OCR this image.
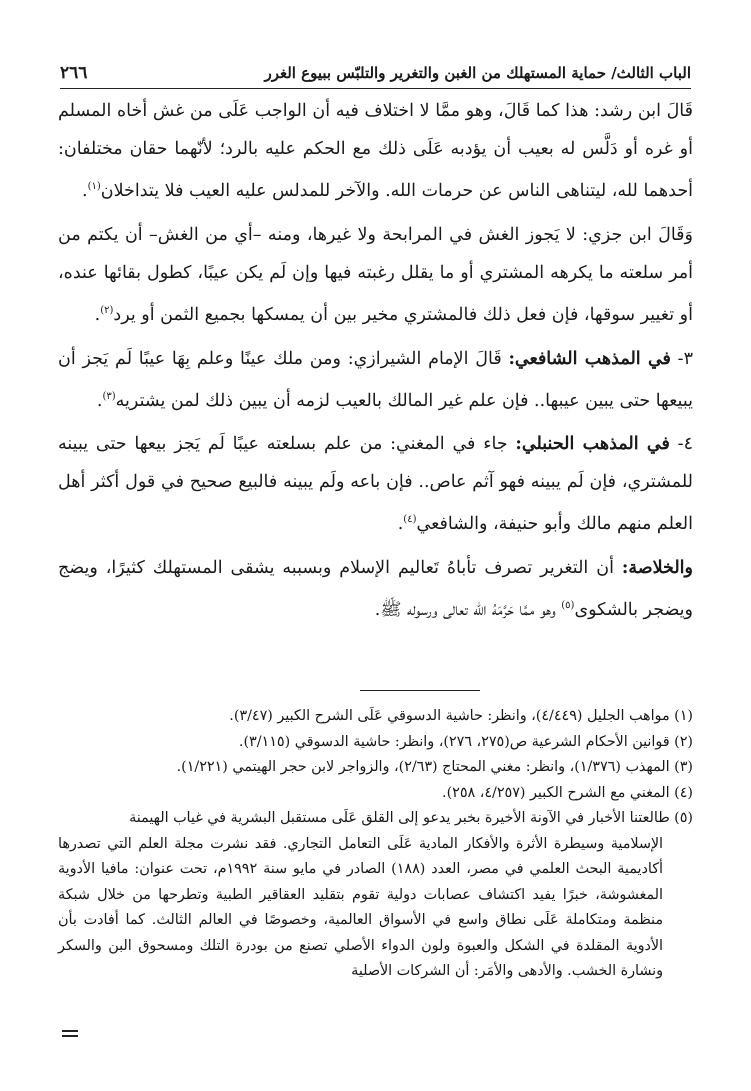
الباب الثالث/ حماية المستهلك من الغبن والتغرير والتلبّس ببيوع الغرر
٢٦٦

قَالَ ابن رشد: هذا كما قَالَ، وهو ممَّا لا اختلاف فيه أن الواجب عَلَى من غش أخاه المسلم أو غره أو دَلَّس له بعيب أن يؤدبه عَلَى ذلك مع الحكم عليه بالرد؛ لأنّهما حقان مختلفان: أحدهما لله، ليتناهى الناس عن حرمات الله. والآخر للمدلس عليه العيب فلا يتداخلان$^{(١)}$.

وَقَالَ ابن جزي: لا يَجوز الغش في المرابحة ولا غيرها، ومنه –أي من الغش– أن يكتم من أمر سلعته ما يكرهه المشتري أو ما يقلل رغبته فيها وإن لَم يكن عيبًا، كطول بقائها عنده، أو تغيير سوقها، فإن فعل ذلك فالمشتري مخير بين أن يمسكها بجميع الثمن أو يرد$^{(٢)}$.

٣- في المذهب الشافعي: قَالَ الإمام الشيرازي: ومن ملك عينًا وعلم بِهَا عيبًا لَم يَجز أن يبيعها حتى يبين عيبها.. فإن علم غير المالك بالعيب لزمه أن يبين ذلك لمن يشتريه$^{(٣)}$.

٤- في المذهب الحنبلي: جاء في المغني: من علم بسلعته عيبًا لَم يَجز بيعها حتى يبينه للمشتري، فإن لَم يبينه فهو آثم عاص.. فإن باعه ولَم يبينه فالبيع صحيح في قول أكثر أهل العلم منهم مالك وأبو حنيفة، والشافعي$^{(٤)}$.

والخلاصة: أن التغرير تصرف تأباهُ تَعاليم الإسلام وبسببه يشقى المستهلك كثيرًا، ويضج ويضجر بالشكوى$^{(٥)}$ وهو ممَّا حَرَّمَهُ الله تعالى ورسوله ﷺ.

(١) مواهب الجليل (٤/٤٤٩)، وانظر: حاشية الدسوقي عَلَى الشرح الكبير (٣/٤٧).

(٢) قوانين الأحكام الشرعية ص(٢٧٥، ٢٧٦)، وانظر: حاشية الدسوقي (٣/١١٥).

(٣) المهذب (١/٣٧٦)، وانظر: مغني المحتاج (٢/٦٣)، والزواجر لابن حجر الهيتمي (١/٢٢١).

(٤) المغني مع الشرح الكبير (٤/٢٥٧، ٢٥٨).

(٥) طالعتنا الأخبار في الآونة الأخيرة بخبر يدعو إلى القلق عَلَى مستقبل البشرية في غياب الهيمنة

الإسلامية وسيطرة الأثرة والأفكار المادية عَلَى التعامل التجاري. فقد نشرت مجلة العلم التي تصدرها أكاديمية البحث العلمي في مصر، العدد (١٨٨) الصادر في مايو سنة ١٩٩٢م، تحت عنوان: مافيا الأدوية المغشوشة، خبرًا يفيد اكتشاف عصابات دولية تقوم بتقليد العقاقير الطبية وتطرحها من خلال شبكة منظمة ومتكاملة عَلَى نطاق واسع في الأسواق العالمية، وخصوصًا في العالم الثالث. كما أفادت بأن الأدوية المقلدة في الشكل والعبوة ولون الدواء الأصلي تصنع من بودرة التلك ومسحوق البن والسكر ونشارة الخشب. والأدهى والأمَر: أن الشركات الأصلية
